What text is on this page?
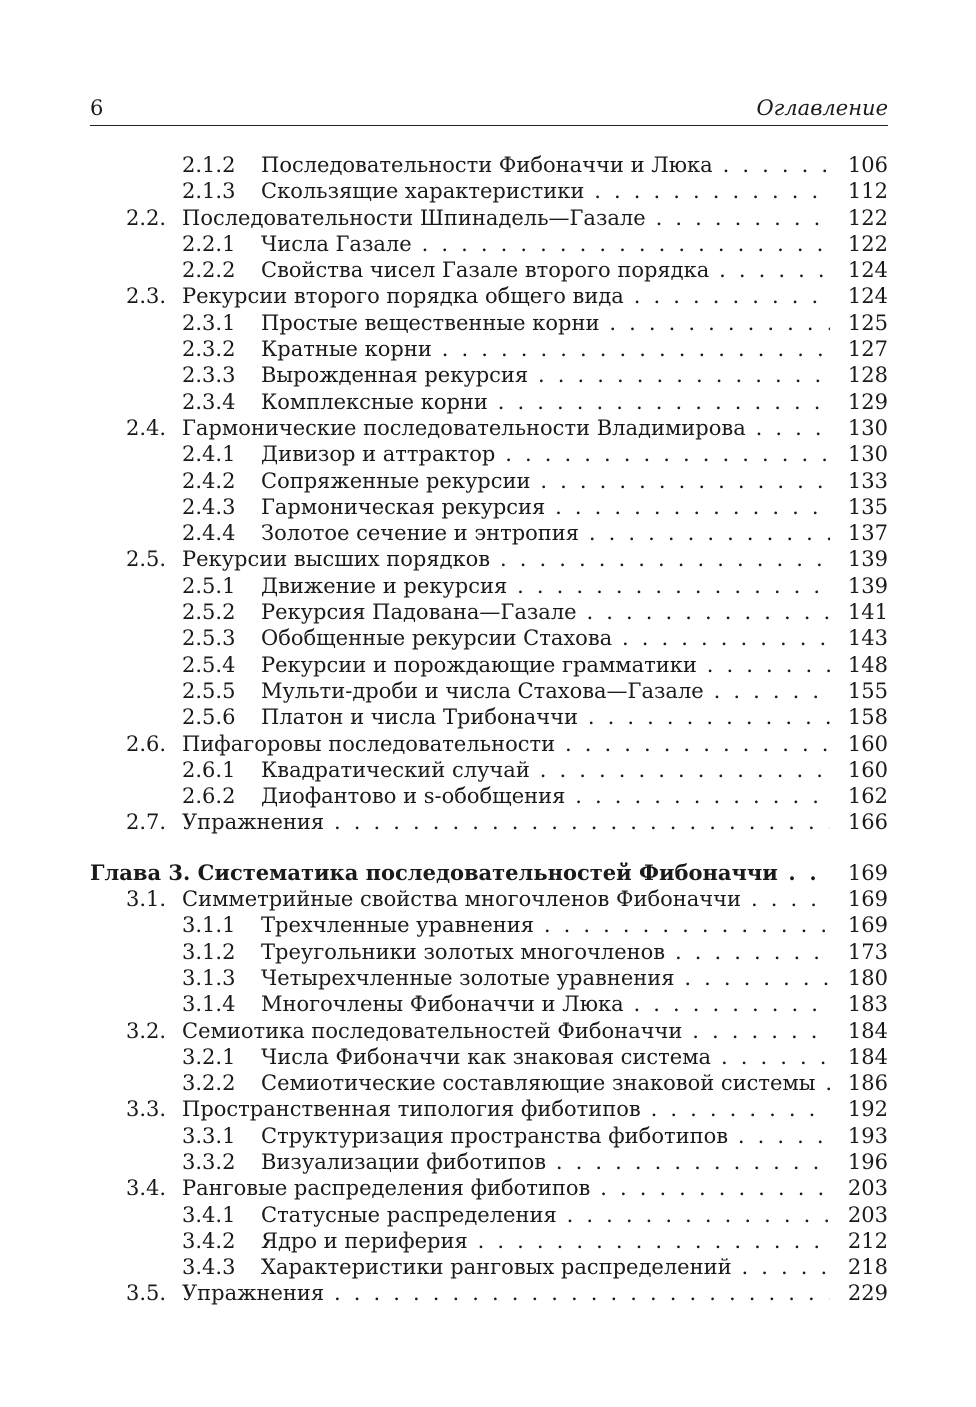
6	Оглавление
2.1.2 Последовательности Фибоначчи и Люка . . .	106
2.1.3 Скользящие характеристики . . .	112
2.2. Последовательности Шпинадель—Газале . . .	122
2.2.1 Числа Газале . . .	122
2.2.2 Свойства чисел Газале второго порядка . . .	124
2.3. Рекурсии второго порядка общего вида . . .	124
2.3.1 Простые вещественные корни . . .	125
2.3.2 Кратные корни . . .	127
2.3.3 Вырожденная рекурсия . . .	128
2.3.4 Комплексные корни . . .	129
2.4. Гармонические последовательности Владимирова . . .	130
2.4.1 Дивизор и аттрактор . . .	130
2.4.2 Сопряженные рекурсии . . .	133
2.4.3 Гармоническая рекурсия . . .	135
2.4.4 Золотое сечение и энтропия . . .	137
2.5. Рекурсии высших порядков . . .	139
2.5.1 Движение и рекурсия . . .	139
2.5.2 Рекурсия Падована—Газале . . .	141
2.5.3 Обобщенные рекурсии Стахова . . .	143
2.5.4 Рекурсии и порождающие грамматики . . .	148
2.5.5 Мульти-дроби и числа Стахова—Газале . . .	155
2.5.6 Платон и числа Трибоначчи . . .	158
2.6. Пифагоровы последовательности . . .	160
2.6.1 Квадратический случай . . .	160
2.6.2 Диофантово и s-обобщения . . .	162
2.7. Упражнения . . .	166
Глава 3. Систематика последовательностей Фибоначчи . . .	169
3.1. Симметрийные свойства многочленов Фибоначчи . . .	169
3.1.1 Трехчленные уравнения . . .	169
3.1.2 Треугольники золотых многочленов . . .	173
3.1.3 Четырехчленные золотые уравнения . . .	180
3.1.4 Многочлены Фибоначчи и Люка . . .	183
3.2. Семиотика последовательностей Фибоначчи . . .	184
3.2.1 Числа Фибоначчи как знаковая система . . .	184
3.2.2 Семиотические составляющие знаковой системы . . .	186
3.3. Пространственная типология фиботипов . . .	192
3.3.1 Структуризация пространства фиботипов . . .	193
3.3.2 Визуализации фиботипов . . .	196
3.4. Ранговые распределения фиботипов . . .	203
3.4.1 Статусные распределения . . .	203
3.4.2 Ядро и периферия . . .	212
3.4.3 Характеристики ранговых распределений . . .	218
3.5. Упражнения . . .	229
